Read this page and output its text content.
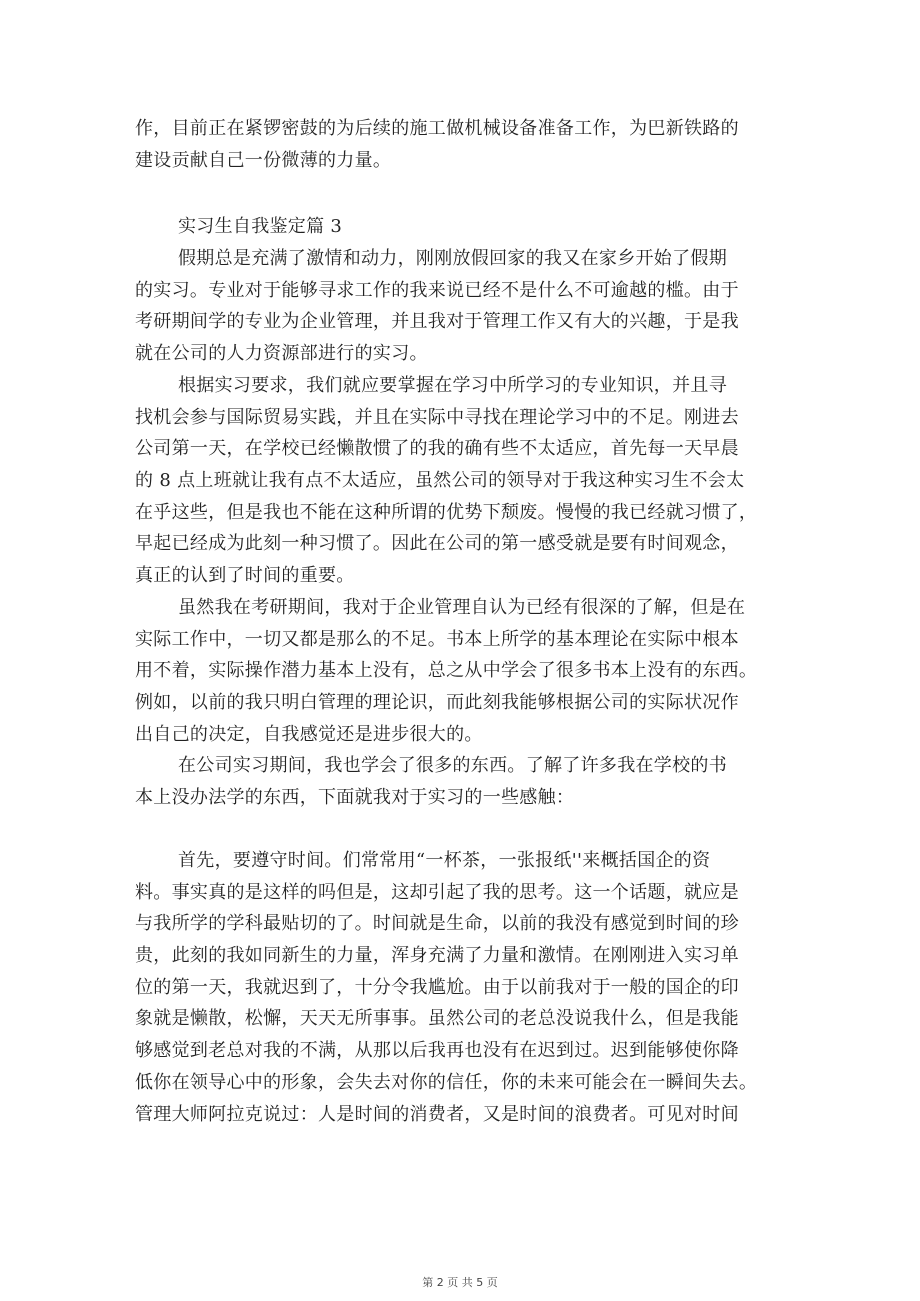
作，目前正在紧锣密鼓的为后续的施工做机械设备准备工作，为巴新铁路的
建设贡献自己一份微薄的力量。
实习生自我鉴定篇 3
假期总是充满了激情和动力，刚刚放假回家的我又在家乡开始了假期
的实习。专业对于能够寻求工作的我来说已经不是什么不可逾越的槛。由于
考研期间学的专业为企业管理，并且我对于管理工作又有大的兴趣，于是我
就在公司的人力资源部进行的实习。
根据实习要求，我们就应要掌握在学习中所学习的专业知识，并且寻
找机会参与国际贸易实践，并且在实际中寻找在理论学习中的不足。刚进去
公司第一天，在学校已经懒散惯了的我的确有些不太适应，首先每一天早晨
的 8 点上班就让我有点不太适应，虽然公司的领导对于我这种实习生不会太
在乎这些，但是我也不能在这种所谓的优势下颓废。慢慢的我已经就习惯了，
早起已经成为此刻一种习惯了。因此在公司的第一感受就是要有时间观念，
真正的认到了时间的重要。
虽然我在考研期间，我对于企业管理自认为已经有很深的了解，但是在
实际工作中，一切又都是那么的不足。书本上所学的基本理论在实际中根本
用不着，实际操作潜力基本上没有，总之从中学会了很多书本上没有的东西。
例如，以前的我只明白管理的理论识，而此刻我能够根据公司的实际状况作
出自己的决定，自我感觉还是进步很大的。
在公司实习期间，我也学会了很多的东西。了解了许多我在学校的书
本上没办法学的东西，下面就我对于实习的一些感触：
首先，要遵守时间。们常常用“一杯茶，一张报纸''来概括国企的资
料。事实真的是这样的吗但是，这却引起了我的思考。这一个话题，就应是
与我所学的学科最贴切的了。时间就是生命，以前的我没有感觉到时间的珍
贵，此刻的我如同新生的力量，浑身充满了力量和激情。在刚刚进入实习单
位的第一天，我就迟到了，十分令我尴尬。由于以前我对于一般的国企的印
象就是懒散，松懈，天天无所事事。虽然公司的老总没说我什么，但是我能
够感觉到老总对我的不满，从那以后我再也没有在迟到过。迟到能够使你降
低你在领导心中的形象，会失去对你的信任，你的未来可能会在一瞬间失去。
管理大师阿拉克说过：人是时间的消费者，又是时间的浪费者。可见对时间
第 2 页 共 5 页
